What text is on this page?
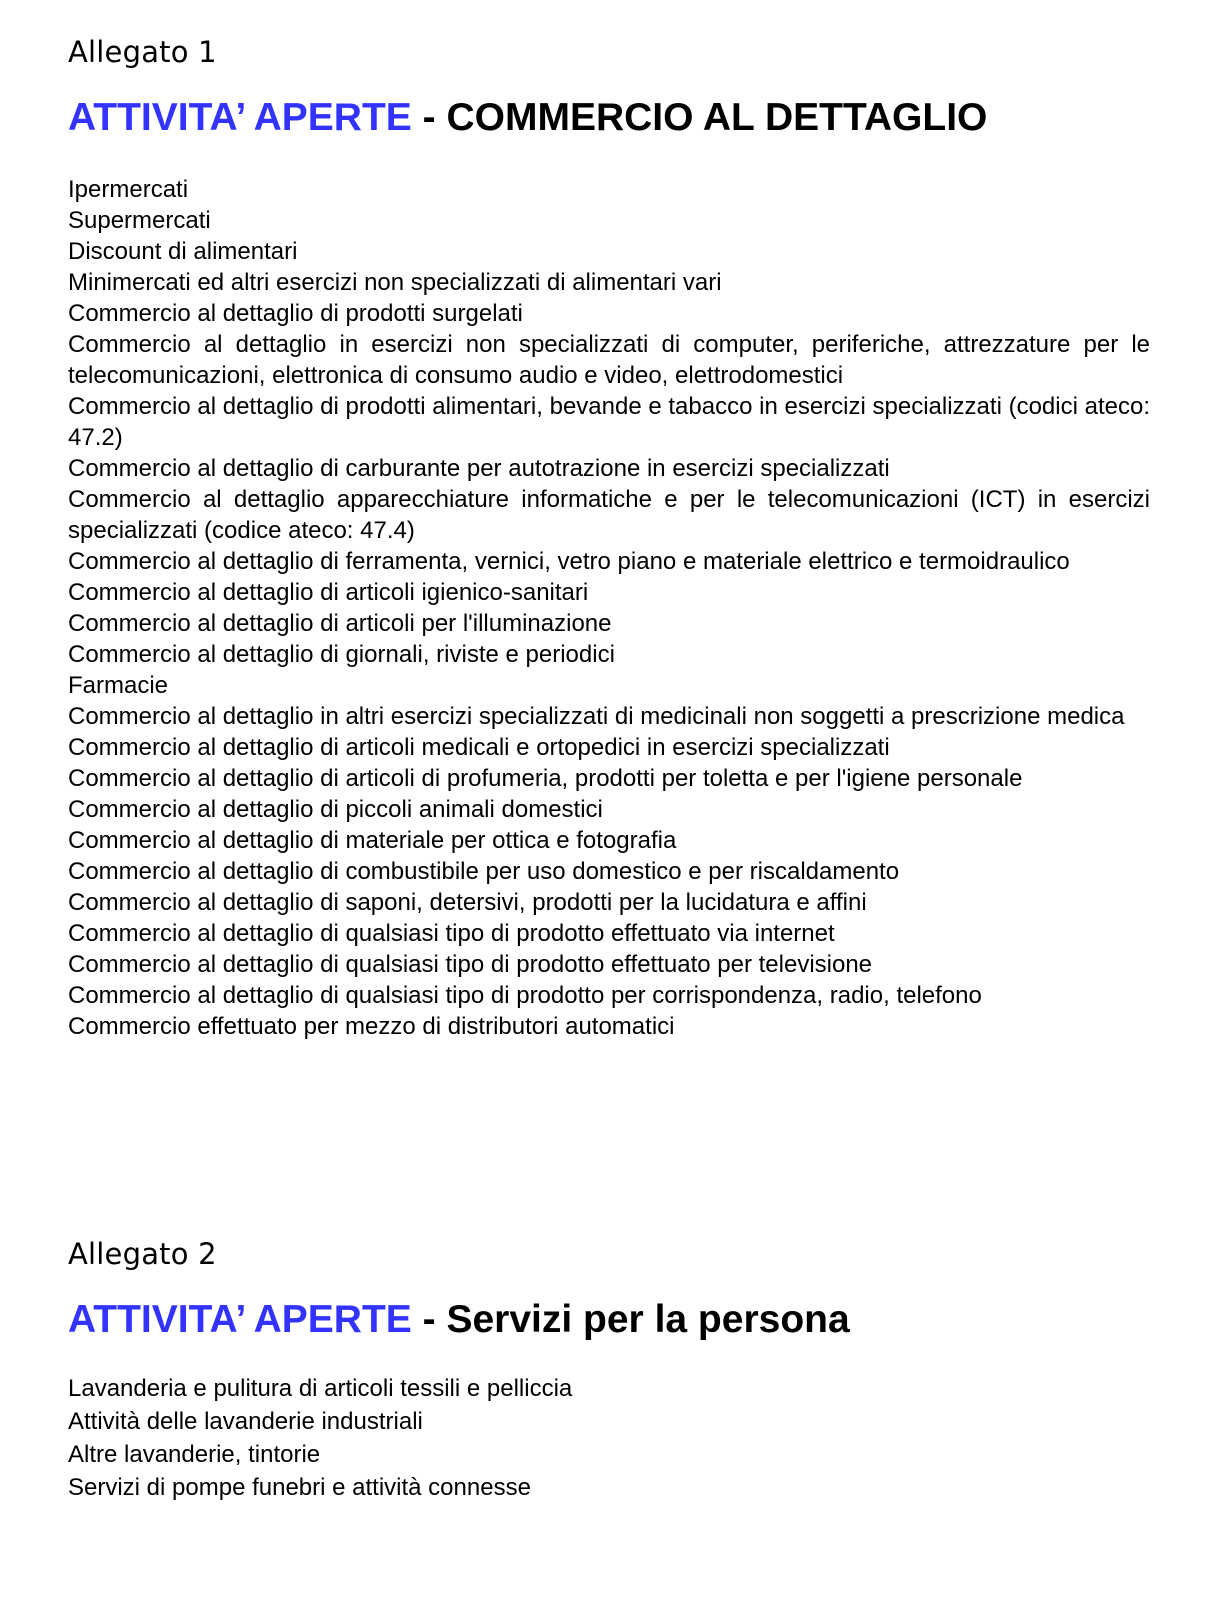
Allegato 1
ATTIVITA’ APERTE - COMMERCIO AL DETTAGLIO
Ipermercati
Supermercati
Discount di alimentari
Minimercati ed altri esercizi non specializzati di alimentari vari
Commercio al dettaglio di prodotti surgelati
Commercio al dettaglio in esercizi non specializzati di computer, periferiche, attrezzature per le telecomunicazioni, elettronica di consumo audio e video, elettrodomestici
Commercio al dettaglio di prodotti alimentari, bevande e tabacco in esercizi specializzati (codici ateco: 47.2)
Commercio al dettaglio di carburante per autotrazione in esercizi specializzati
Commercio al dettaglio apparecchiature informatiche e per le telecomunicazioni (ICT) in esercizi specializzati (codice ateco: 47.4)
Commercio al dettaglio di ferramenta, vernici, vetro piano e materiale elettrico e termoidraulico
Commercio al dettaglio di articoli igienico-sanitari
Commercio al dettaglio di articoli per l'illuminazione
Commercio al dettaglio di giornali, riviste e periodici
Farmacie
Commercio al dettaglio in altri esercizi specializzati di medicinali non soggetti a prescrizione medica
Commercio al dettaglio di articoli medicali e ortopedici in esercizi specializzati
Commercio al dettaglio di articoli di profumeria, prodotti per toletta e per l'igiene personale
Commercio al dettaglio di piccoli animali domestici
Commercio al dettaglio di materiale per ottica e fotografia
Commercio al dettaglio di combustibile per uso domestico e per riscaldamento
Commercio al dettaglio di saponi, detersivi, prodotti per la lucidatura e affini
Commercio al dettaglio di qualsiasi tipo di prodotto effettuato via internet
Commercio al dettaglio di qualsiasi tipo di prodotto effettuato per televisione
Commercio al dettaglio di qualsiasi tipo di prodotto per corrispondenza, radio, telefono
Commercio effettuato per mezzo di distributori automatici
Allegato 2
ATTIVITA’ APERTE - Servizi per la persona
Lavanderia e pulitura di articoli tessili e pelliccia
Attività delle lavanderie industriali
Altre lavanderie, tintorie
Servizi di pompe funebri e attività connesse
